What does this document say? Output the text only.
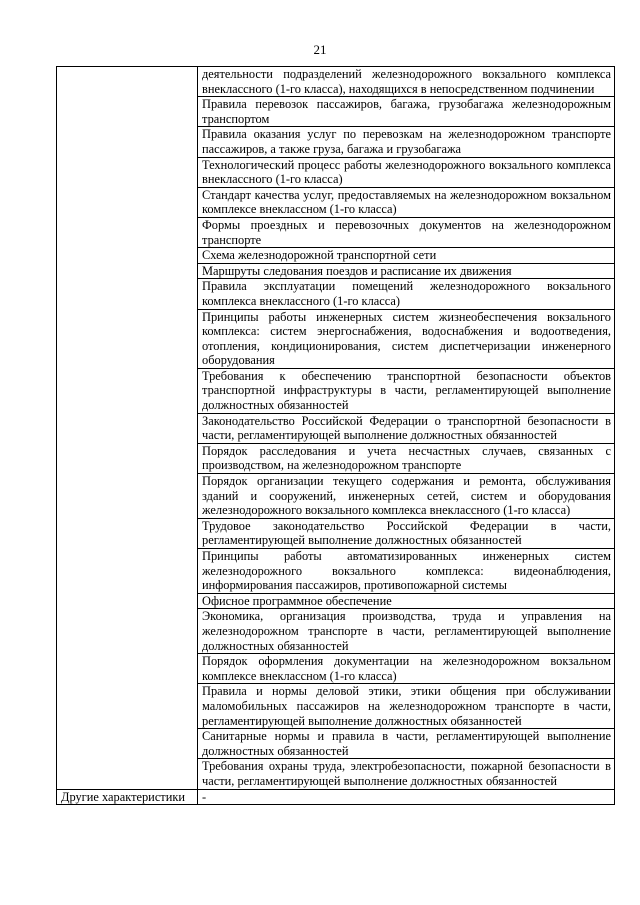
21
	деятельности подразделений железнодорожного вокзального комплекса внеклассного (1-го класса), находящихся в непосредственном подчинении
	Правила перевозок пассажиров, багажа, грузобагажа железнодорожным транспортом
	Правила оказания услуг по перевозкам на железнодорожном транспорте пассажиров, а также груза, багажа и грузобагажа
	Технологический процесс работы железнодорожного вокзального комплекса внеклассного (1-го класса)
	Стандарт качества услуг, предоставляемых на железнодорожном вокзальном комплексе внеклассном (1-го класса)
	Формы проездных и перевозочных документов на железнодорожном транспорте
	Схема железнодорожной транспортной сети
	Маршруты следования поездов и расписание их движения
	Правила эксплуатации помещений железнодорожного вокзального комплекса внеклассного (1-го класса)
	Принципы работы инженерных систем жизнеобеспечения вокзального комплекса: систем энергоснабжения, водоснабжения и водоотведения, отопления, кондиционирования, систем диспетчеризации инженерного оборудования
	Требования к обеспечению транспортной безопасности объектов транспортной инфраструктуры в части, регламентирующей выполнение должностных обязанностей
	Законодательство Российской Федерации о транспортной безопасности в части, регламентирующей выполнение должностных обязанностей
	Порядок расследования и учета несчастных случаев, связанных с производством, на железнодорожном транспорте
	Порядок организации текущего содержания и ремонта, обслуживания зданий и сооружений, инженерных сетей, систем и оборудования железнодорожного вокзального комплекса внеклассного (1-го класса)
	Трудовое законодательство Российской Федерации в части, регламентирующей выполнение должностных обязанностей
	Принципы работы автоматизированных инженерных систем железнодорожного вокзального комплекса: видеонаблюдения, информирования пассажиров, противопожарной системы
	Офисное программное обеспечение
	Экономика, организация производства, труда и управления на железнодорожном транспорте в части, регламентирующей выполнение должностных обязанностей
	Порядок оформления документации на железнодорожном вокзальном комплексе внеклассном (1-го класса)
	Правила и нормы деловой этики, этики общения при обслуживании маломобильных пассажиров на железнодорожном транспорте в части, регламентирующей выполнение должностных обязанностей
	Санитарные нормы и правила в части, регламентирующей выполнение должностных обязанностей
	Требования охраны труда, электробезопасности, пожарной безопасности в части, регламентирующей выполнение должностных обязанностей
Другие характеристики	-
